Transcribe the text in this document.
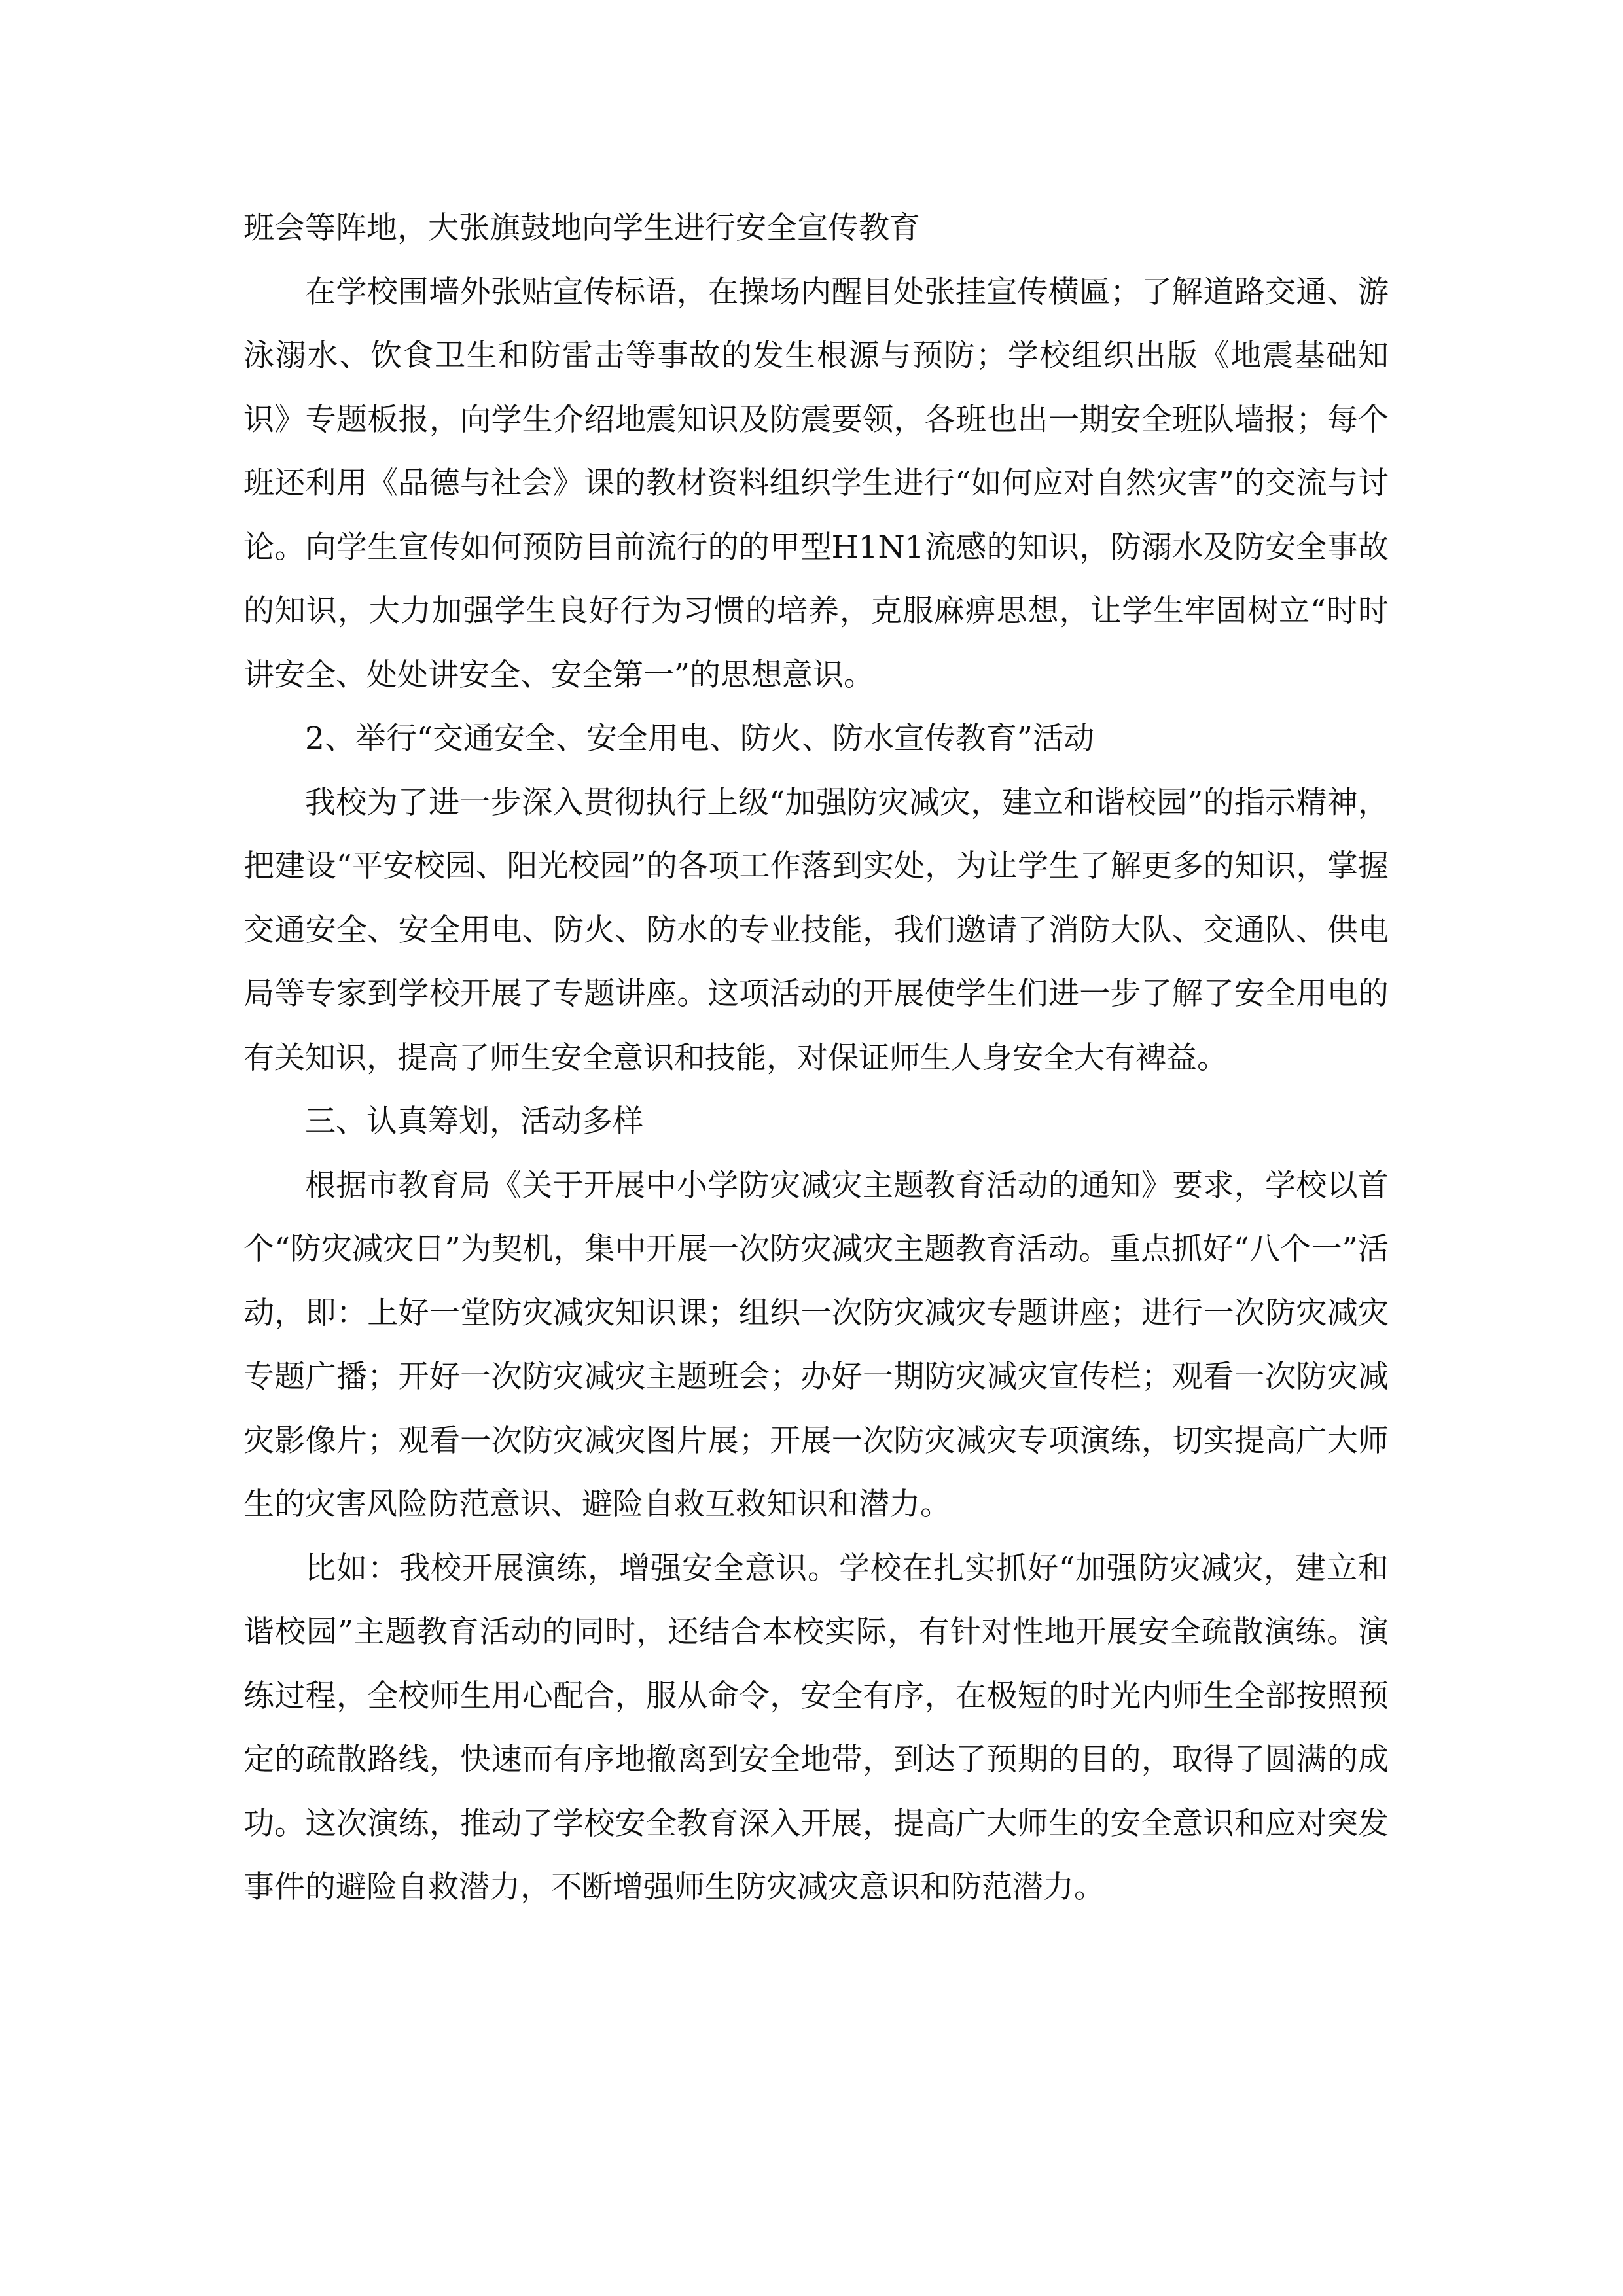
班会等阵地，大张旗鼓地向学生进行安全宣传教育

在学校围墙外张贴宣传标语，在操场内醒目处张挂宣传横匾；了解道路交通、游泳溺水、饮食卫生和防雷击等事故的发生根源与预防；学校组织出版《地震基础知识》专题板报，向学生介绍地震知识及防震要领，各班也出一期安全班队墙报；每个班还利用《品德与社会》课的教材资料组织学生进行“如何应对自然灾害”的交流与讨论。向学生宣传如何预防目前流行的的甲型H1N1流感的知识，防溺水及防安全事故的知识，大力加强学生良好行为习惯的培养，克服麻痹思想，让学生牢固树立“时时讲安全、处处讲安全、安全第一”的思想意识。

2、举行“交通安全、安全用电、防火、防水宣传教育”活动

我校为了进一步深入贯彻执行上级“加强防灾减灾，建立和谐校园”的指示精神，把建设“平安校园、阳光校园”的各项工作落到实处，为让学生了解更多的知识，掌握交通安全、安全用电、防火、防水的专业技能，我们邀请了消防大队、交通队、供电局等专家到学校开展了专题讲座。这项活动的开展使学生们进一步了解了安全用电的有关知识，提高了师生安全意识和技能，对保证师生人身安全大有裨益。

三、认真筹划，活动多样

根据市教育局《关于开展中小学防灾减灾主题教育活动的通知》要求，学校以首个“防灾减灾日”为契机，集中开展一次防灾减灾主题教育活动。重点抓好“八个一”活动，即：上好一堂防灾减灾知识课；组织一次防灾减灾专题讲座；进行一次防灾减灾专题广播；开好一次防灾减灾主题班会；办好一期防灾减灾宣传栏；观看一次防灾减灾影像片；观看一次防灾减灾图片展；开展一次防灾减灾专项演练，切实提高广大师生的灾害风险防范意识、避险自救互救知识和潜力。

比如：我校开展演练，增强安全意识。学校在扎实抓好“加强防灾减灾，建立和谐校园”主题教育活动的同时，还结合本校实际，有针对性地开展安全疏散演练。演练过程，全校师生用心配合，服从命令，安全有序，在极短的时光内师生全部按照预定的疏散路线，快速而有序地撤离到安全地带，到达了预期的目的，取得了圆满的成功。这次演练，推动了学校安全教育深入开展，提高广大师生的安全意识和应对突发事件的避险自救潜力，不断增强师生防灾减灾意识和防范潜力。
